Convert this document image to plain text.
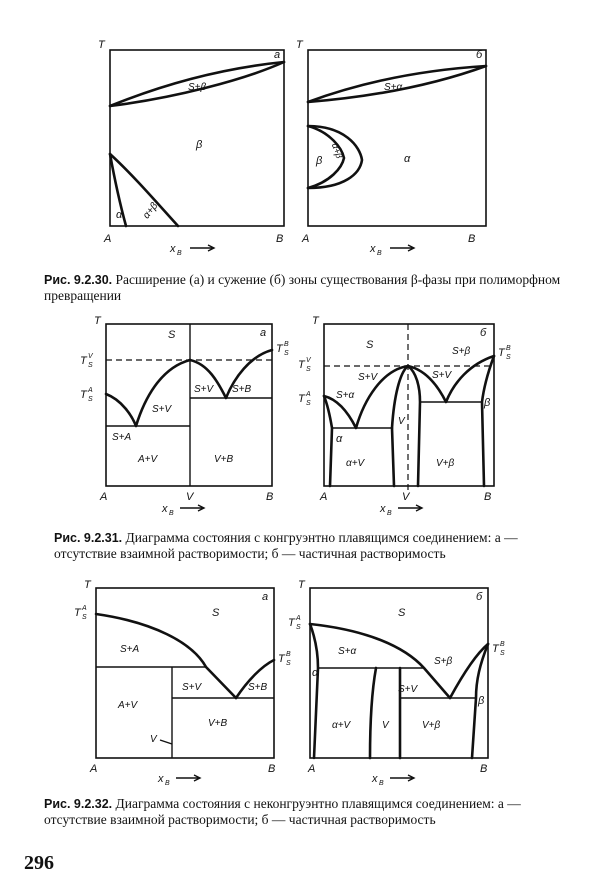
T
а
S+β
β
α+β
α
A	B
x B
T
б
S+α
β
α+β	α
A	B
x B
Рис. 9.2.30. Расширение (а) и сужение (б) зоны существования β-фазы при полиморфном превращении
T
а
T V
S
T A
S
T B
S
S
S+V
S+V S+B
S+A
A+V	V+B
A	V	B
x B
T
б
T V
S
T A
S
T B
S
S
S+β
S+V	S+V
S+α
α
V
β
α+V	V+β
A	V	B
x B
Рис. 9.2.31. Диаграмма состояния с конгруэнтно плавящимся соединением: а — отсутствие взаимной растворимости; б — частичная растворимость
T
а
T A
S
T B
S
S
S+A
S+V	S+B
A+V
V+B
V
A	B
x B
T
б
T A
S
T B
S
S
S+α
S+β
α
S+V
β
α+V	V	V+β
A	B
x B
Рис. 9.2.32. Диаграмма состояния с неконгруэнтно плавящимся соединением: а — отсутствие взаимной растворимости; б — частичная растворимость
296
